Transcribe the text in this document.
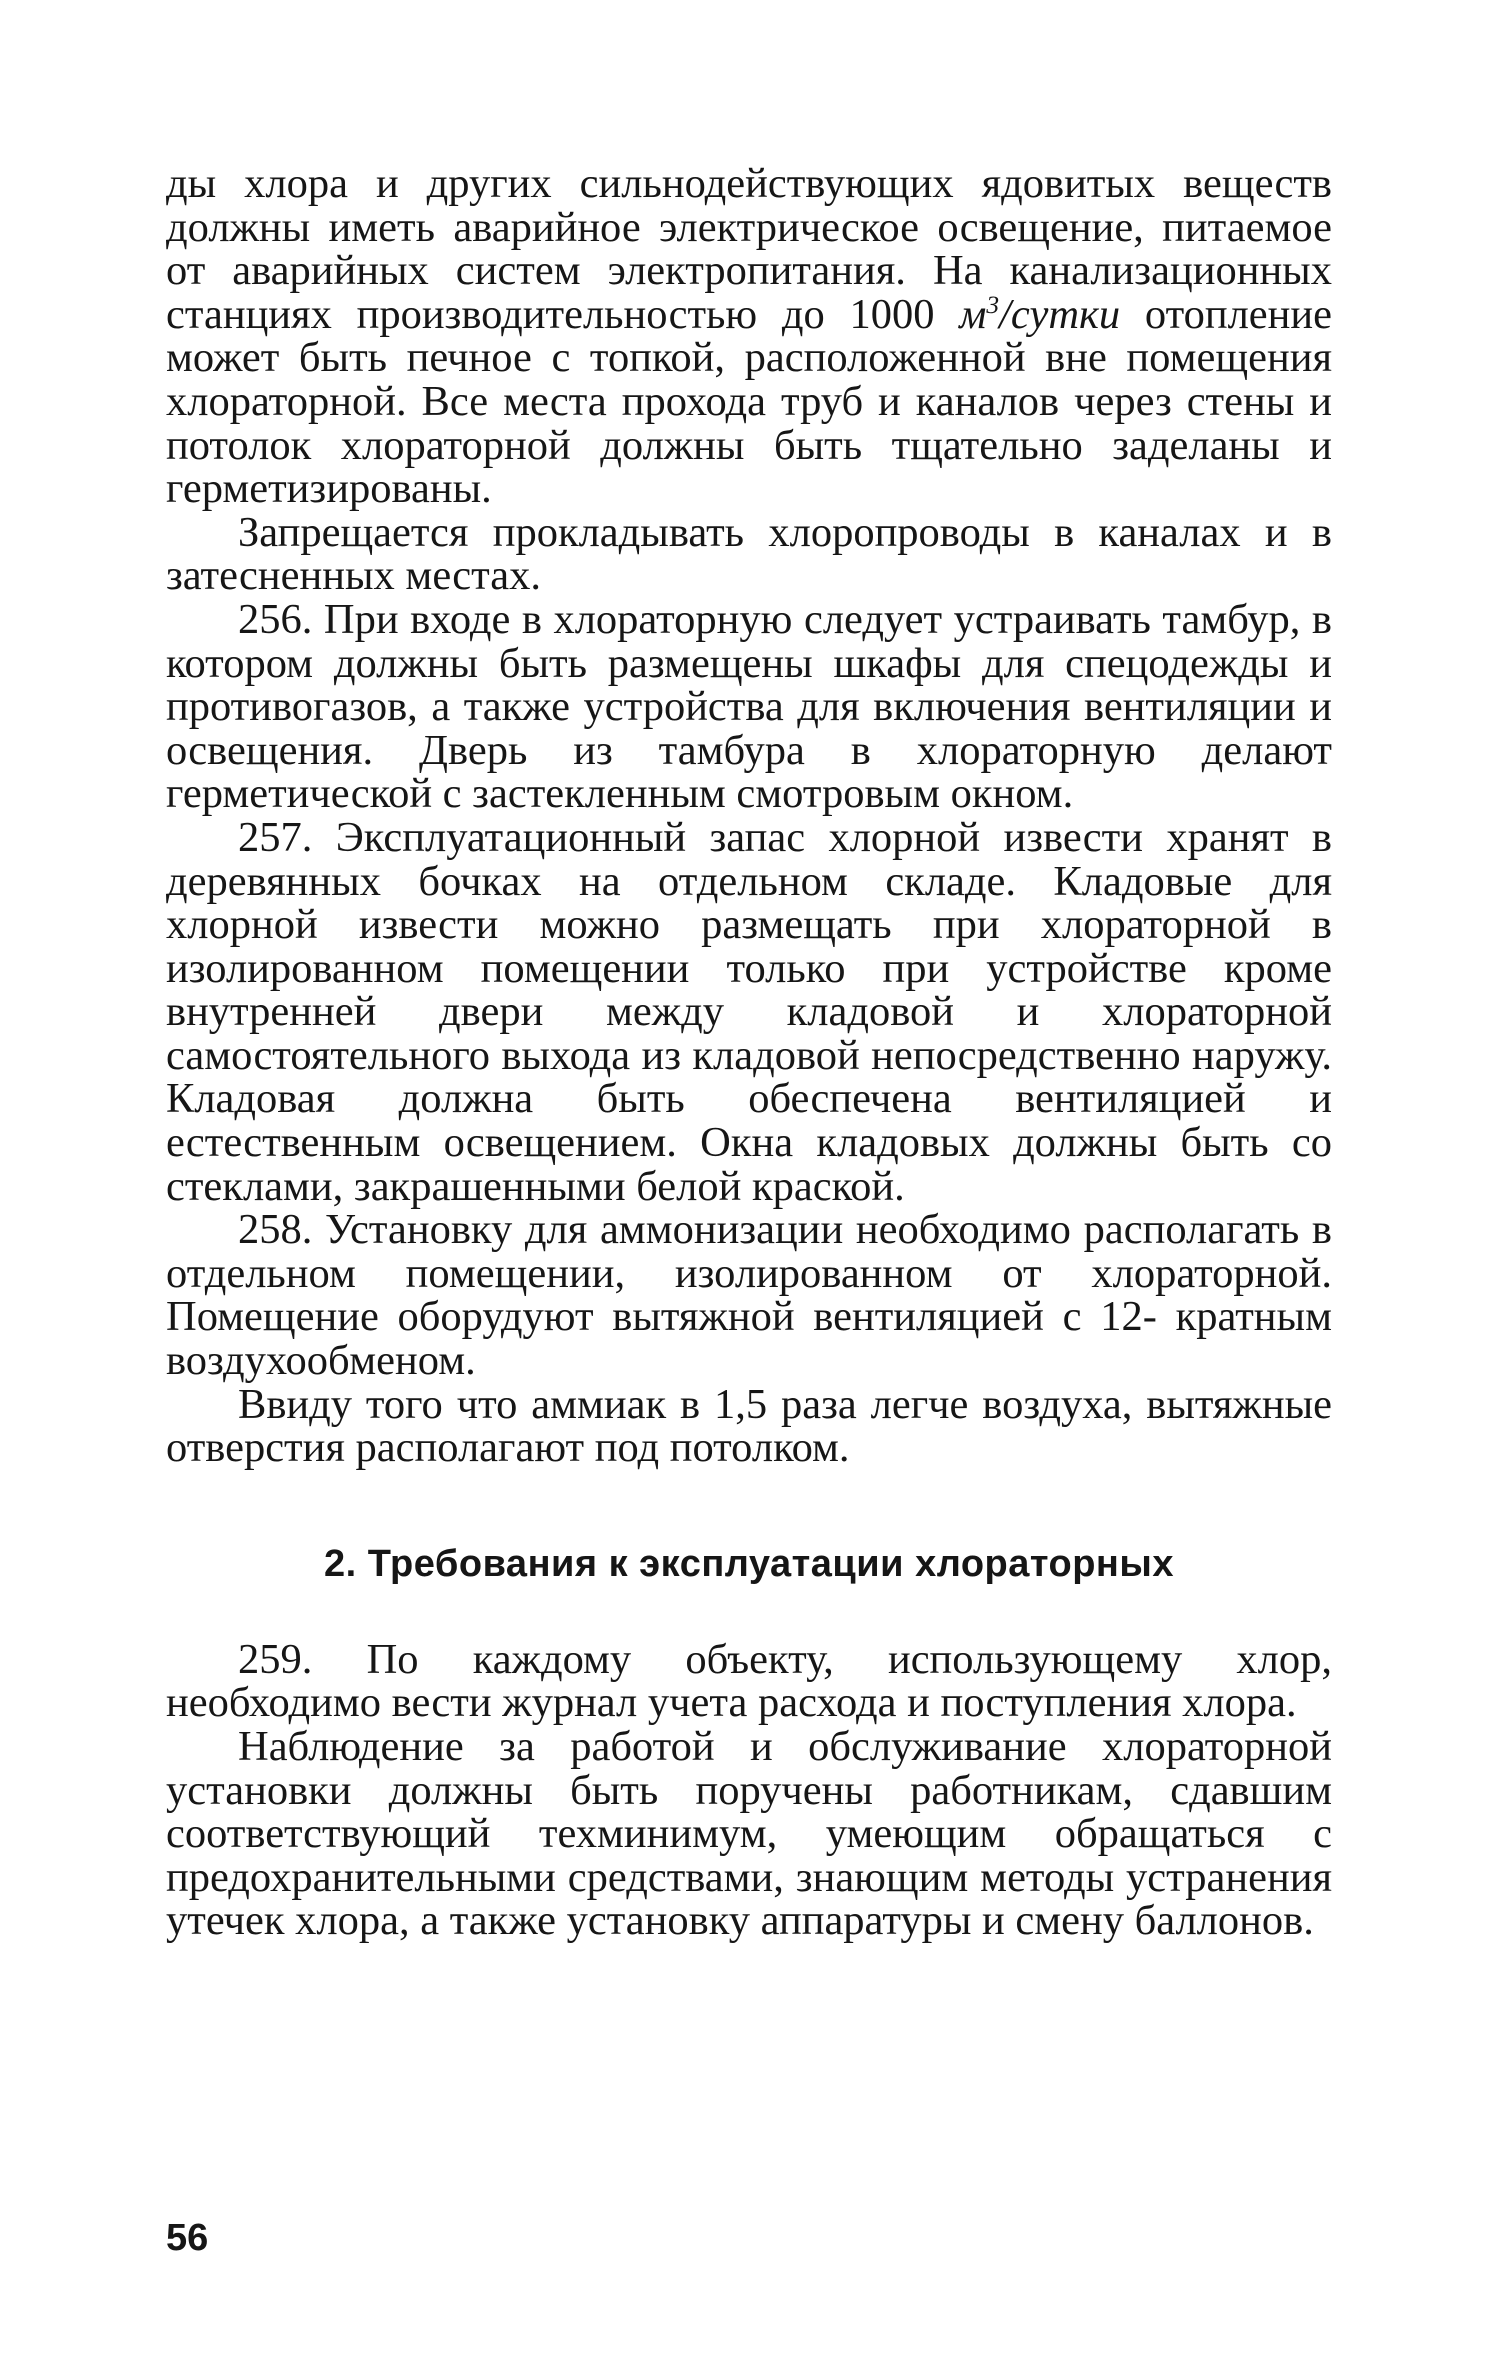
ды хлора и других сильнодействующих ядовитых веществ должны иметь аварийное электрическое освещение, питаемое от аварийных систем электропитания. На канализационных станциях производительностью до 1000 $м^3$/сутки отопление может быть печное с топкой, расположенной вне помещения хлораторной. Все места прохода труб и каналов через стены и потолок хлораторной должны быть тщательно заделаны и герметизированы.

Запрещается прокладывать хлоропроводы в каналах и в затесненных местах.

256. При входе в хлораторную следует устраивать тамбур, в котором должны быть размещены шкафы для спецодежды и противогазов, а также устройства для включения вентиляции и освещения. Дверь из тамбура в хлораторную делают герметической с застекленным смотровым окном.

257. Эксплуатационный запас хлорной извести хранят в деревянных бочках на отдельном складе. Кладовые для хлорной извести можно размещать при хлораторной в изолированном помещении только при устройстве кроме внутренней двери между кладовой и хлораторной самостоятельного выхода из кладовой непосредственно наружу. Кладовая должна быть обеспечена вентиляцией и естественным освещением. Окна кладовых должны быть со стеклами, закрашенными белой краской.

258. Установку для аммонизации необходимо располагать в отдельном помещении, изолированном от хлораторной. Помещение оборудуют вытяжной вентиляцией с 12- кратным воздухообменом.

Ввиду того что аммиак в 1,5 раза легче воздуха, вытяжные отверстия располагают под потолком.

2. Требования к эксплуатации хлораторных

259. По каждому объекту, использующему хлор, необходимо вести журнал учета расхода и поступления хлора.

Наблюдение за работой и обслуживание хлораторной установки должны быть поручены работникам, сдавшим соответствующий техминимум, умеющим обращаться с предохранительными средствами, знающим методы устранения утечек хлора, а также установку аппаратуры и смену баллонов.

56
